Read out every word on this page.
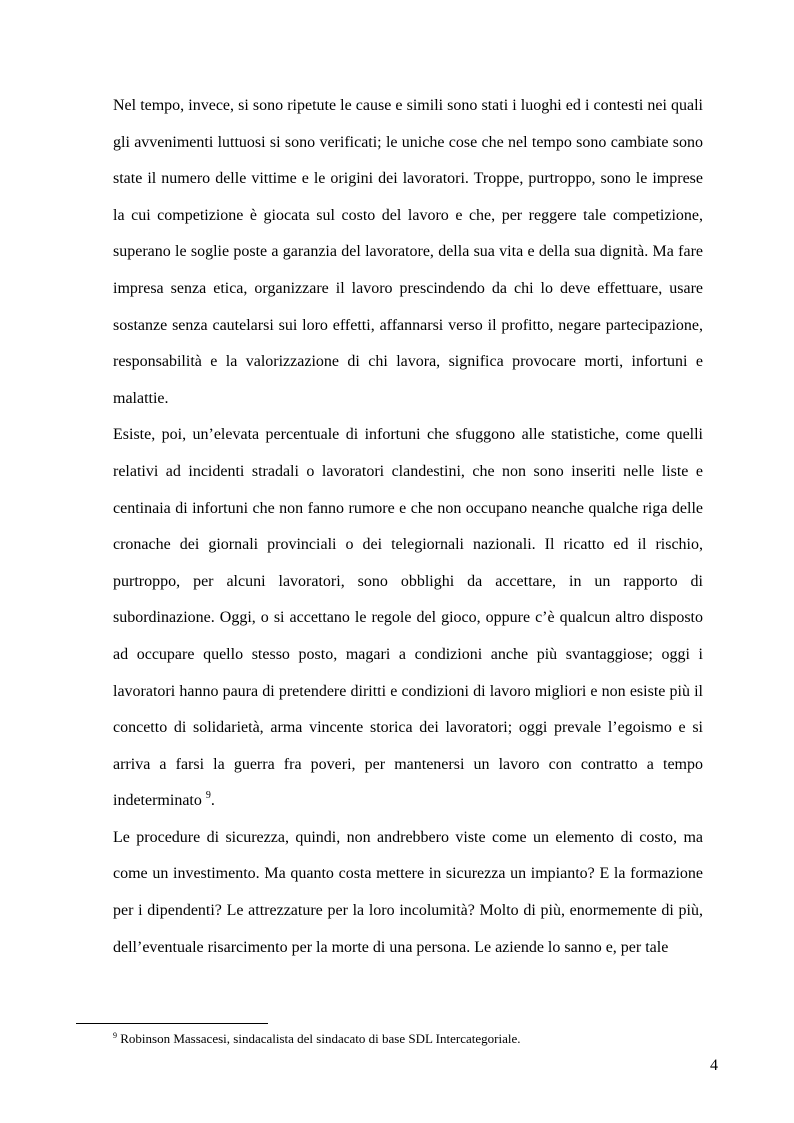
Nel tempo, invece, si sono ripetute le cause e simili sono stati i luoghi ed i contesti nei quali gli avvenimenti luttuosi si sono verificati; le uniche cose che nel tempo sono cambiate sono state il numero delle vittime e le origini dei lavoratori. Troppe, purtroppo, sono le imprese la cui competizione è giocata sul costo del lavoro e che, per reggere tale competizione, superano le soglie poste a garanzia del lavoratore, della sua vita e della sua dignità. Ma fare impresa senza etica, organizzare il lavoro prescindendo da chi lo deve effettuare, usare sostanze senza cautelarsi sui loro effetti, affannarsi verso il profitto, negare partecipazione, responsabilità e la valorizzazione di chi lavora, significa provocare morti, infortuni e malattie.

Esiste, poi, un’elevata percentuale di infortuni che sfuggono alle statistiche, come quelli relativi ad incidenti stradali o lavoratori clandestini, che non sono inseriti nelle liste e centinaia di infortuni che non fanno rumore e che non occupano neanche qualche riga delle cronache dei giornali provinciali o dei telegiornali nazionali. Il ricatto ed il rischio, purtroppo, per alcuni lavoratori, sono obblighi da accettare, in un rapporto di subordinazione. Oggi, o si accettano le regole del gioco, oppure c’è qualcun altro disposto ad occupare quello stesso posto, magari a condizioni anche più svantaggiose; oggi i lavoratori hanno paura di pretendere diritti e condizioni di lavoro migliori e non esiste più il concetto di solidarietà, arma vincente storica dei lavoratori; oggi prevale l’egoismo e si arriva a farsi la guerra fra poveri, per mantenersi un lavoro con contratto a tempo indeterminato $^9$.

Le procedure di sicurezza, quindi, non andrebbero viste come un elemento di costo, ma come un investimento. Ma quanto costa mettere in sicurezza un impianto? E la formazione per i dipendenti? Le attrezzature per la loro incolumità? Molto di più, enormemente di più, dell’eventuale risarcimento per la morte di una persona. Le aziende lo sanno e, per tale

$^9$ Robinson Massacesi, sindacalista del sindacato di base SDL Intercategoriale.
4
